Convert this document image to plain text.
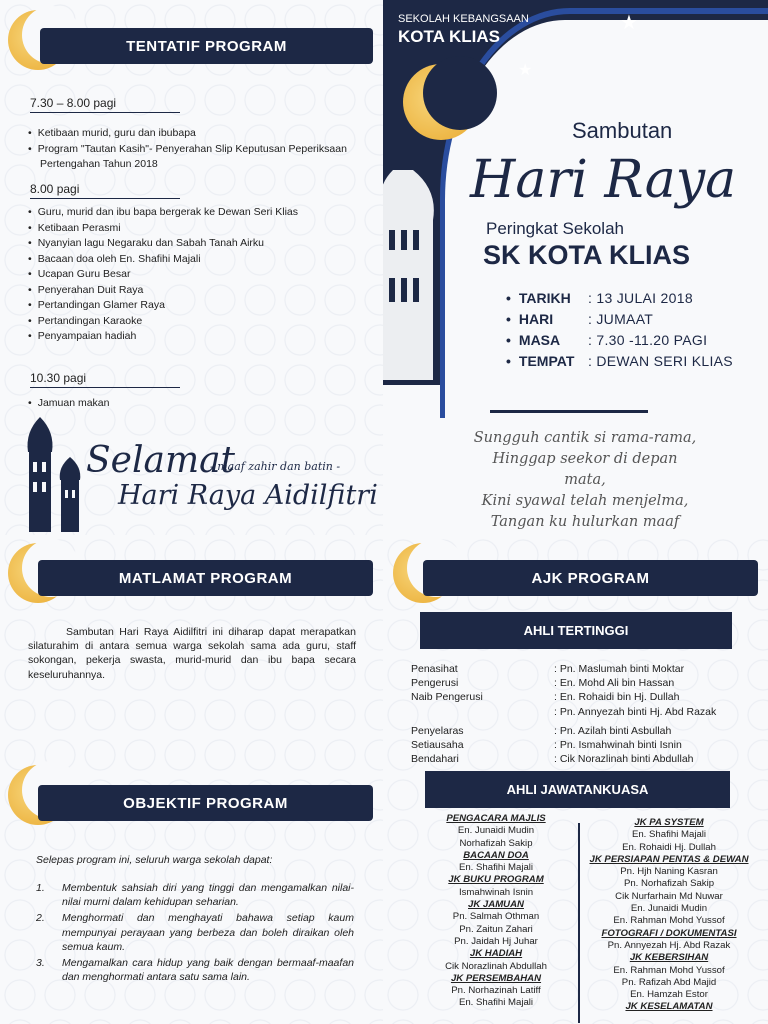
TENTATIF PROGRAM
7.30 – 8.00 pagi
• Ketibaan murid, guru dan ibubapa
• Program "Tautan Kasih"- Penyerahan Slip Keputusan Peperiksaan Pertengahan Tahun 2018
8.00 pagi
• Guru, murid dan ibu bapa bergerak ke Dewan Seri Klias
• Ketibaan Perasmi
• Nyanyian lagu Negaraku dan Sabah Tanah Airku
• Bacaan doa oleh En. Shafihi Majali
• Ucapan Guru Besar
• Penyerahan Duit Raya
• Pertandingan Glamer Raya
• Pertandingan Karaoke
• Penyampaian hadiah
10.30 pagi
• Jamuan makan
Selamat
- maaf zahir dan batin -
Hari Raya Aidilfitri
SEKOLAH KEBANGSAAN
KOTA KLIAS
★
★
Sambutan
Hari Raya
Peringkat Sekolah
SK KOTA KLIAS
• TARIKH	: 13 JULAI 2018
• HARI	: JUMAAT
• MASA	: 7.30 -11.20 PAGI
• TEMPAT : DEWAN SERI KLIAS
Sungguh cantik si rama-rama,
Hinggap seekor di depan mata,
Kini syawal telah menjelma,
Tangan ku hulurkan maaf
MATLAMAT PROGRAM
Sambutan Hari Raya Aidilfitri ini diharap dapat merapatkan silaturahim di antara semua warga sekolah sama ada guru, staff sokongan, pekerja swasta, murid-murid dan ibu bapa secara keseluruhannya.
OBJEKTIF PROGRAM
Selepas program ini, seluruh warga sekolah dapat:
1.	Membentuk sahsiah diri yang tinggi dan mengamalkan nilai-nilai murni dalam kehidupan seharian.
2.	Menghormati dan menghayati bahawa setiap kaum mempunyai perayaan yang berbeza dan boleh diraikan oleh semua kaum.
3.	Mengamalkan cara hidup yang baik dengan bermaaf-maafan dan menghormati antara satu sama lain.
AJK PROGRAM
AHLI TERTINGGI
Penasihat	: Pn. Maslumah binti Moktar
Pengerusi	: En. Mohd Ali bin Hassan
Naib Pengerusi	: En. Rohaidi bin Hj. Dullah
: Pn. Annyezah binti Hj. Abd Razak
Penyelaras	: Pn. Azilah binti Asbullah
Setiausaha	: Pn. Ismahwinah binti Isnin
Bendahari	: Cik Norazlinah binti Abdullah
AHLI JAWATANKUASA
PENGACARA MAJLIS
En. Junaidi Mudin
Norhafizah Sakip
BACAAN DOA
En. Shafihi Majali
JK BUKU PROGRAM
Ismahwinah Isnin
JK JAMUAN
Pn. Salmah Othman
Pn. Zaitun Zahari
Pn. Jaidah Hj Juhar
JK HADIAH
Cik Norazlinah Abdullah
JK PERSEMBAHAN
Pn. Norhazinah Latiff
En. Shafihi Majali
JK PA SYSTEM
En. Shafihi Majali
En. Rohaidi Hj. Dullah
JK PERSIAPAN PENTAS & DEWAN
Pn. Hjh Naning Kasran
Pn. Norhafizah Sakip
Cik Nurfarhain Md Nuwar
En. Junaidi Mudin
En. Rahman Mohd Yussof
FOTOGRAFI / DOKUMENTASI
Pn. Annyezah Hj. Abd Razak
JK KEBERSIHAN
En. Rahman Mohd Yussof
Pn. Rafizah Abd Majid
En. Hamzah Estor
JK KESELAMATAN
